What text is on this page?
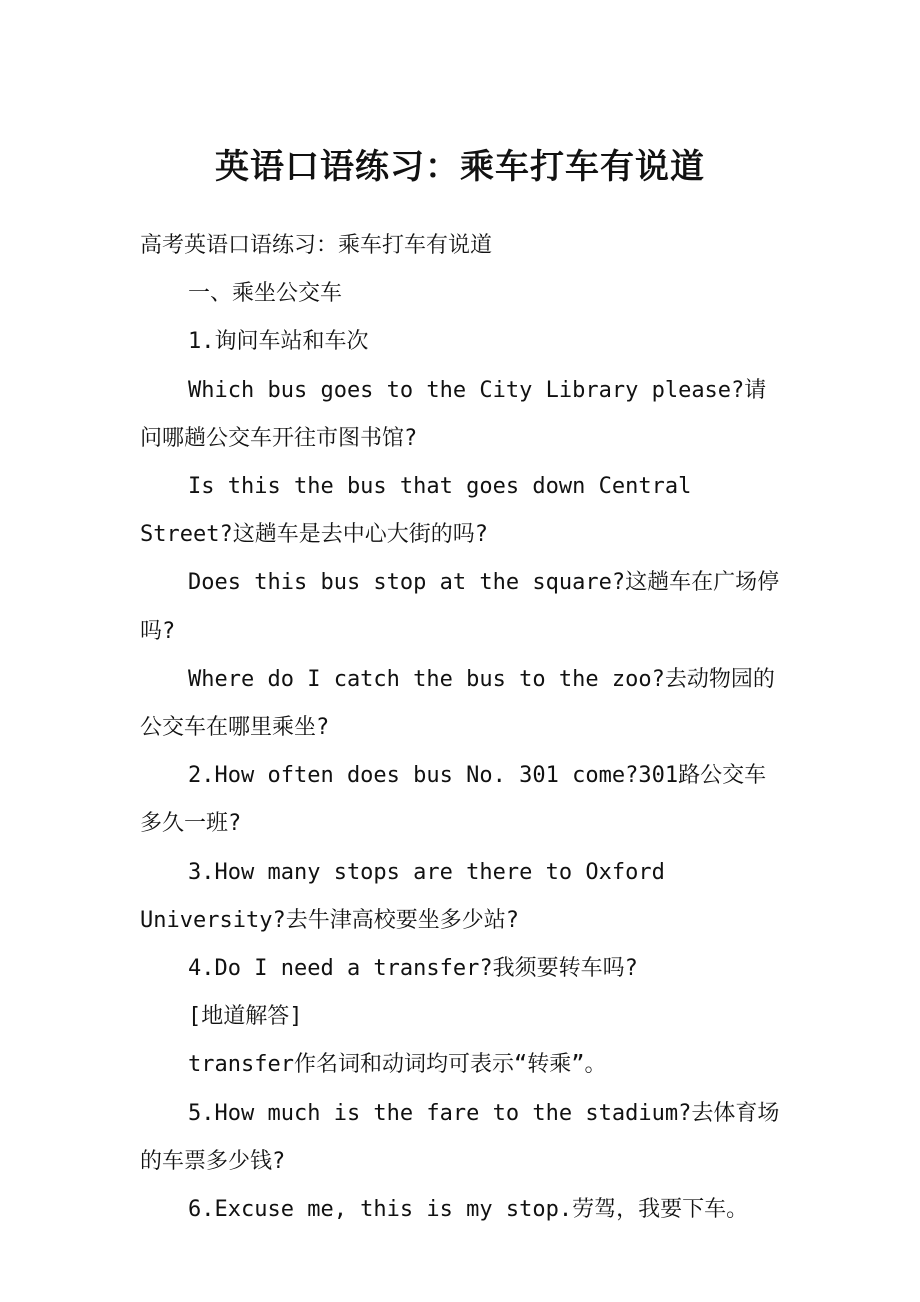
英语口语练习：乘车打车有说道

高考英语口语练习：乘车打车有说道

一、乘坐公交车

1.询问车站和车次

Which bus goes to the City Library please?请问哪趟公交车开往市图书馆?

Is this the bus that goes down Central Street?这趟车是去中心大街的吗?

Does this bus stop at the square?这趟车在广场停吗?

Where do I catch the bus to the zoo?去动物园的公交车在哪里乘坐?

2.How often does bus No. 301 come?301路公交车多久一班?

3.How many stops are there to Oxford University?去牛津高校要坐多少站?

4.Do I need a transfer?我须要转车吗?

[地道解答]

transfer作名词和动词均可表示“转乘”。

5.How much is the fare to the stadium?去体育场的车票多少钱?

6.Excuse me, this is my stop.劳驾，我要下车。
